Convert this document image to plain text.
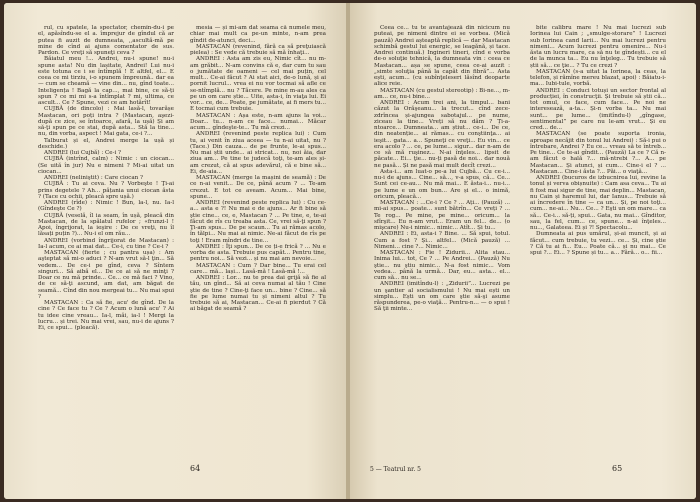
rul, cu spatele, la spectator, chemîn-du-i pe el, apăsîndu-se el a. împrejur de gîndul că ar putea fi auzit de dumneata, ,,ascultă-mă pe mine de cînd ai ajuns comentator de sus. Pardon. Ce vreţi să spuneţi ceva ?

Băiatul meu !... Andrei, nu-i spune! nu-i spune asta! Nu din lașitate, Andrei! Lui nu-i este totuna ce i se întîmplă ! E altfel, el... E ceea ce mi tirziu, i-o spunem împreună.. dar ea — cum se cheamă — vine din... nu, gînd toate... Inteligența ! Bagă la cap..., mai bine, ce să-ți spun ? ce mi mi s-a întîmplat ? mi, ultima, ce ascult... Ce ? Spune, vezi ce am hotărît!

CUJBĂ (de dincolo) : Mai lasă-l, tovarășe Mastacan, ori poți intra ? (Mastacan, aşezi-după ce zice, se întoarce, afară, la ușă) Și am să-ţi spun pe ce stai, după asta... Stă la tine... nu, din vorba, aspect ! Mai gata, ce-i ?...

Talburat și el, Andrei merge la ușă și deschide.)

ANDREI (lui Cujbă) : Ce-i ?

CUJBĂ (intrînd, calm) : Nimic : un ciocan... (Se uită în jur) Nu e nimeni ? Mi-ai uitat un ciocan...

ANDREI (neliniştit) : Care ciocan ?

CUJBĂ : Tu ai ceva. Nu ? Vorbeşte ! Ţi-ai prins degetele ? Ah... pățania unui ciocan ăsta ? (Tace cu ochii, pleacă spre ușă.)

ANDREI (rîde) : Nimic ! Bun, la-l, nu. Ia-l (Gîndeşte Ce ?)

CUJBĂ (veselă, îl ia seam, în ușă, pleacă din Mastacan, de la spălatul rufelor ; «frunzi-l ! Apoi, îngrijorat, la ieşire : De ce vreţi, nu îl lăsați puțin ?)... Nu-i el om rău...

ANDREI (vorbind îngrijorat de Mastacan) : Ia-l acum, ce ai mai dat... Ce-i, cu tine ? Ce-i ?

MASTACAN (fierte ; cu pantra ușa) : Am aşteptat să mi-o aduci ? N-am vrut să-l ţin... Să vedem... De ce-i pe gînd, ceva ? Sîntem singuri... Să aibă el... De ce ai să ne minţi ? Doar ce nu mă prinde... Ce... ce mă faci ? Vino, de ce să-ţi ascund, am dat, am băgat de seamă... Cînd din nou mergeai tu... Nu mai spui ?

MASTACAN : Ca să fie, acu' de gînd. De la cine ? Ce face tu ? Ce ? Acum o lună acu' ? Ai tu idee cine vreau... Ia-l, măi, ia-l ! Mergi la lucru... și trei. Nu mai vrei, sau, nu-i de ajuns ? Ei, ce spui... (pleacă).

mesia — și mi-am dat seama că numele meu, chiar mai mult ca pe-un minte, n-am prea gîndit de-atunci, deci...

MASTACAN (revenind, fără ca să preţuiască pielea) : Se vede că trebuie să mă înhaţi...

ANDREI : Asta am zis eu, Nimic cît... nu m-am grăbit... N-am convins că e, dar cum tu sau o jumătate de oameni — cel mai puțin, cel mult... Ce-ai făcut ? Ai stat aici, de-o lună, și ai pornit lucrul... vrea ei nu vor tocmai să afle ce se-ntîmplă... nu ? Tăcere. Pe mine m-au ales ca pe un om care știe... Uite, asta-i, în viaţa lui. Ei vor... ce, de... Poate, pe jumătate, ai fi mers tu... E tocmai cum trebuie.

MASTACAN : Așa este, n-am ajuns la voi... Doar... tu... n-am ce face... numai... Măcar acum... gîndeşte-te... Tu mă crezi...

ANDREI (revenind peste replica lui) : Cum tu, ai venit în ziua aceea — tu n-ai uitat, nu ? (Tace.) Din cauza... de pe frunte, le-ai spus... Nu mai știi unde... ai stricat... nu, noi ăia, dar ziua am... Pe tine te judecă toţi, te-am ales și-am crezut, că ai spus adevărul, că e bine să... Ei, de-aia...

MASTACAN (merge la mașini de seamă) : De ce n-ai venit... De ce, până acum ? ... Te-am crezut. E tot ce aveam. Acum... Mai bine, spune...

ANDREI (revenind peste replica lui) : Cu ce-a... asta e ?! Nu mai e de ajuns... Ar fi bine să ştie cine... ce, e, Mastacan ? ... Pe tine, e, te-ai făcut de rîs cu treaba asta. Ce, vrei să-ţi spun ? Ţi-am spus... De pe scaun... Tu ai rămas acolo, în tălpi... Nu mai ai nimic. Ne-ai făcut de rîs pe toţi ! Eram mîndri de tine...

ANDREI : Îţi spun... De ce ți-e frică ? ... Nu e vorba de asta. Trebuie pus capăt... Pentru tine, pentru noi... Să vezi... și nu mai am nevoie...

MASTACAN : Cum ? Dar bine... Tu erai cel care... mă... lași... Lasă-mă ! Lasă-mă !...

ANDREI : Lor... nu te prea dai grijă să fie al tău, un gînd... Să ai ceva numai al tău ! Cine ştie de tine ? Cine-ţi face un... bine ? Cine... să fie pe lume numai tu și nimeni altul ? Tu trebuie să ai, Mastacan... Ce-ai fi pierdut ? Că ai băgat de seamă ?

64

Ceea ce... tu te avantajează din nicicum nu puteai, pe nimeni dintre ei se vorbea. (Mică pauză) Andrei așteaptă replică — dar Mastacan schimbă gestul lui energic, se leagănă, și tace. Andrei continuă.) Ingineri tineri, cînd e vorba de-o soluţie tehnică, la dumneata vin : ceea ce Mastacan... așa se spune, ceea ce-ai auzit : „simte soluţia până la capăt din fibră”... Asta ești, acum... (cu subînţeleseri lăsînd deoparte alice reie.

MASTACAN (cu gestul stereotip) : Bi-ne..., m-am... ce, nu-i bine...

ANDREI : Acum trei ani, la timpul... bani căzut la Orăşeanu... la trecut... cînd zece-zdrîncea și-ajungea sabotajul... pe nume, ziceau la tine... Vreți să nu dăm ? Ți-a-ntoarce... Dumneata... am știut... ce-i... De ce, din neatenție... ai rămas... cu conştiinţa... ai ieşit... gata... a... Spuneţi ce vreţi... Eu vin... ce era acolo ? ... ce, pe lume... sigur... dar n-am de ce să mă ruşinez... N-ai înţeles... lipsit de păcate... Ei... ţie... nu-ți pasă de noi... dar nouă ne pasă... Și ne pasă mai mult decît crezi...

Asta-i... am luat-o pe-a lui Cujbă... Cu ce-i... nu-i de ajuns... Cine... să..., v-a spus, că... Ce... Sunt cei ce-au... Nu mă mai... E ăsta-i... nu-i... pe lume e un om bun... Are și el... o inimă, oricum, pleacă...

MASTACAN : ...Ce-i ? Ce ? ... Ați... (Pauză) ... mi-ai spus... poate... sunt bătrîn... Ce vreți ? ... Te rog... Pe mine, pe mine... oricum... la sfîrşit... Eu n-am vrut... Eram un fel... de... (o mişcare) Nu-i nimic... nimic... Atît... Și tu...

ANDREI : Ei, asta-i ? Bine. ... Să spui, totul. Cum a fost ? Și... altfel... (Mică pauză) ... Nimeni... cine ?... Nimic...

MASTACAN : Fie ! Zidurii... Alita stau... Inima lui... tot, Ce ? ... Pe Andrei... (Pauză) Nu ştie... nu ştiu nimic... N-a fost nimic... Vom vedea... până la urmă... Dar, eu... asta... el... cum să... nu se...

ANDREI (imitîndu-l) : „Zidurii”... Lucrezi pe un şantier al socialismului ! Nu mai ești un simplu... Ești un om care ştie să-şi asume răspunderea, pe-o viaţă... Pentru-n... — o spui ! Să ţii minte...

bite calibru mare ! Nu mai lucrezi sub Iorinea lui Cain ; „smulge-storare” ! Lucrezi sub Iorinea cand larii... Nu mai lucrezi pentru nimeni... Acum lucrezi pentru omenire... Nu-i ăsta un lucru mare, ca să nu te gîndești... cu el de la munca ta... Eu nu înţeleg... Tu trebuie să știi să... ce ţie... ? Tu ce crezi ?

MASTACAN (s-a uitat la Iorinea, la ceas, la telefon, și rămîne mereu blazat, apoi) : Băiatu-i-ma... Iubi-tule, vorbă.

ANDREI : Conduci totuși un sector frontal al producției, în construcţii. Și trebuie să știi că... tot omul, ce face, cum face... Pe noi ne interesează, a-ta... Și-n vorba ta... Nu mai sunt... pe lume... (imitîndu-l) „gîngase, sentimental” pe care nu le-am vrut... Și eu cred... de...

MASTACAN (se poate suporta ironia, aproape necăjit din tonul lui Andrei) : Să-i pui o întrebare, Andrei ? Eu ce... vreau să te întreb... Pe tine... Ce te-ai gîndit... (Pauză) La ce ? Că n-am făcut o hală ?... mă-ntrebi ?... A... pe Mastacan... Și atunci, și cum... Cine-i el ? ... Mastacan... Cine-i ăsta ?... Păi... o viaţă...

ANDREI (bucuros de izbucnirea lui, revine la tonul și verva obișnuite) : Cam asa ceva... Tu ai fi fost mai sigur de tine, mai deplin... Mastacan, nu Cain și haremul lui, dar Ianus... Trebuie să ai încredere în tine — ca un... Și, pe noi toţi... cum... ne-ai... Nu... Ce... ? Eşti un om mare... ca să... Ce-i... să-ți, spui... Gata, nu mai... Gînditor, sau, la fel, cum... ce, spune... n-ai înţeles... nu..., Galateea. Ei și ?! Spectacolu...

Dumneata ai pus umărul, și-ai muncit, și ai făcut... cum trebuie, tu vezi... ce... Și, cine ştie ? Că tu ai fi... Eu... Poate că... și nu mai... Ce spui ?... Ei... ? Spune și tu... a... Fără... o... fii...

5 — Teatrul nr. 5	65
